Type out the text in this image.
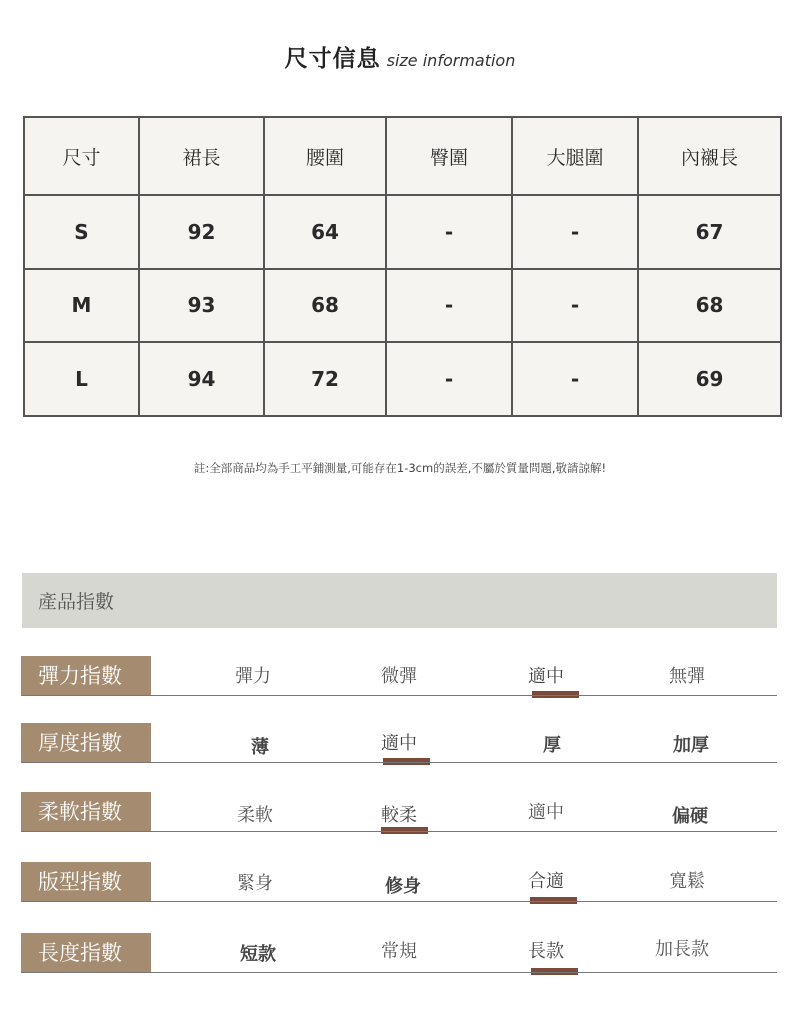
尺寸信息 size information
尺寸	裙長	腰圍	臀圍	大腿圍	內襯長
S	92	64	-	-	67
M	93	68	-	-	68
L	94	72	-	-	69
註:全部商品均為手工平鋪測量,可能存在1-3cm的誤差,不屬於質量問題,敬請諒解!
產品指數
彈力指數	彈力	微彈	適中	無彈
厚度指數	薄	適中	厚	加厚
柔軟指數	柔軟	較柔	適中	偏硬
版型指數	緊身	修身	合適	寬鬆
長度指數	短款	常規	長款	加長款
